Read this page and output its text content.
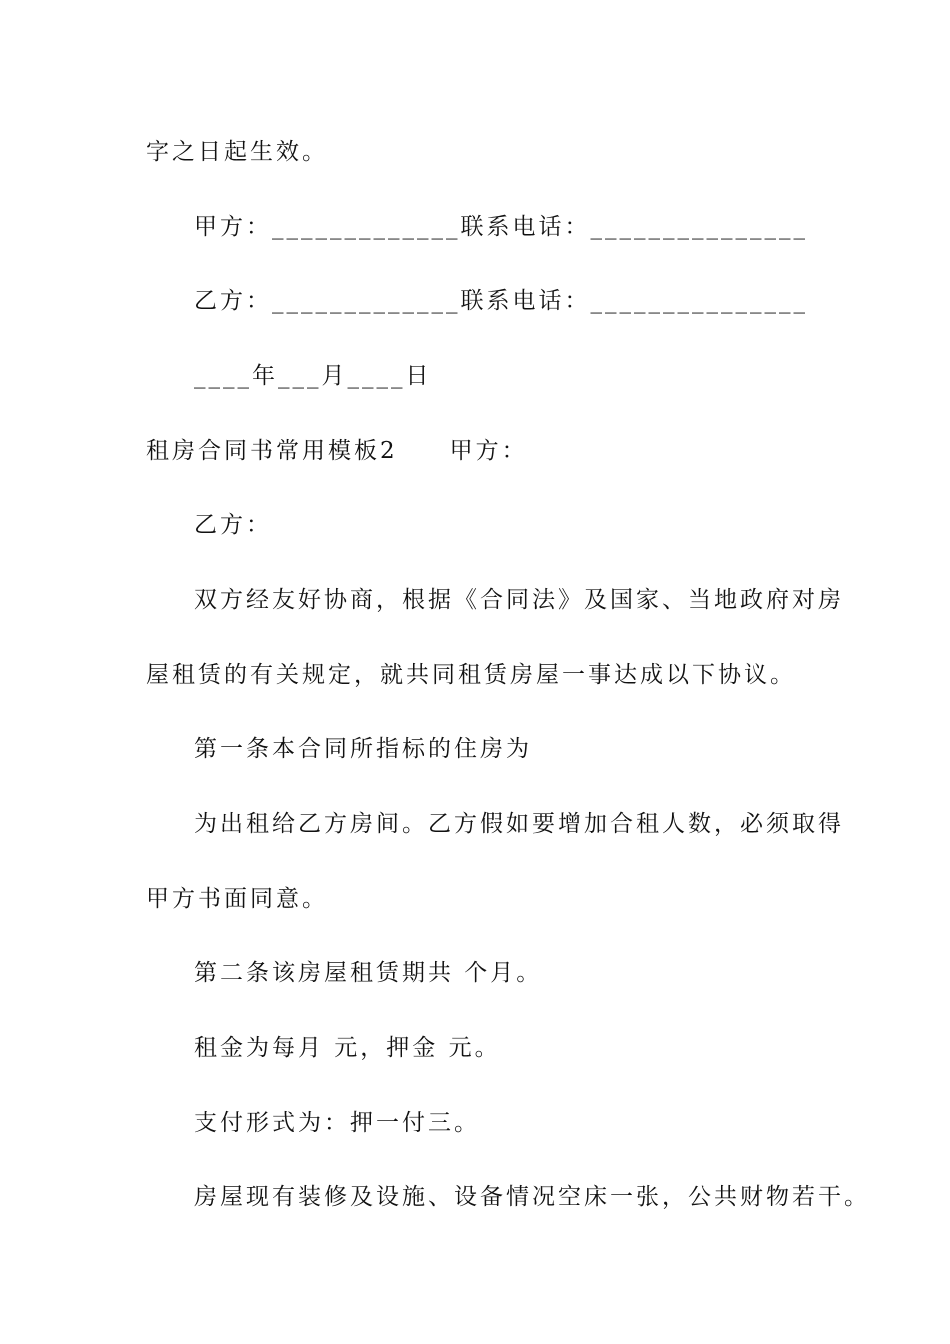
字之日起生效。
甲方：_____________联系电话：_______________
乙方：_____________联系电话：_______________
____年___月____日
租房合同书常用模板2　　甲方：
乙方：
双方经友好协商，根据《合同法》及国家、当地政府对房
屋租赁的有关规定，就共同租赁房屋一事达成以下协议。
第一条本合同所指标的住房为
为出租给乙方房间。乙方假如要增加合租人数，必须取得
甲方书面同意。
第二条该房屋租赁期共 个月。
租金为每月 元，押金 元。
支付形式为：押一付三。
房屋现有装修及设施、设备情况空床一张，公共财物若干。
